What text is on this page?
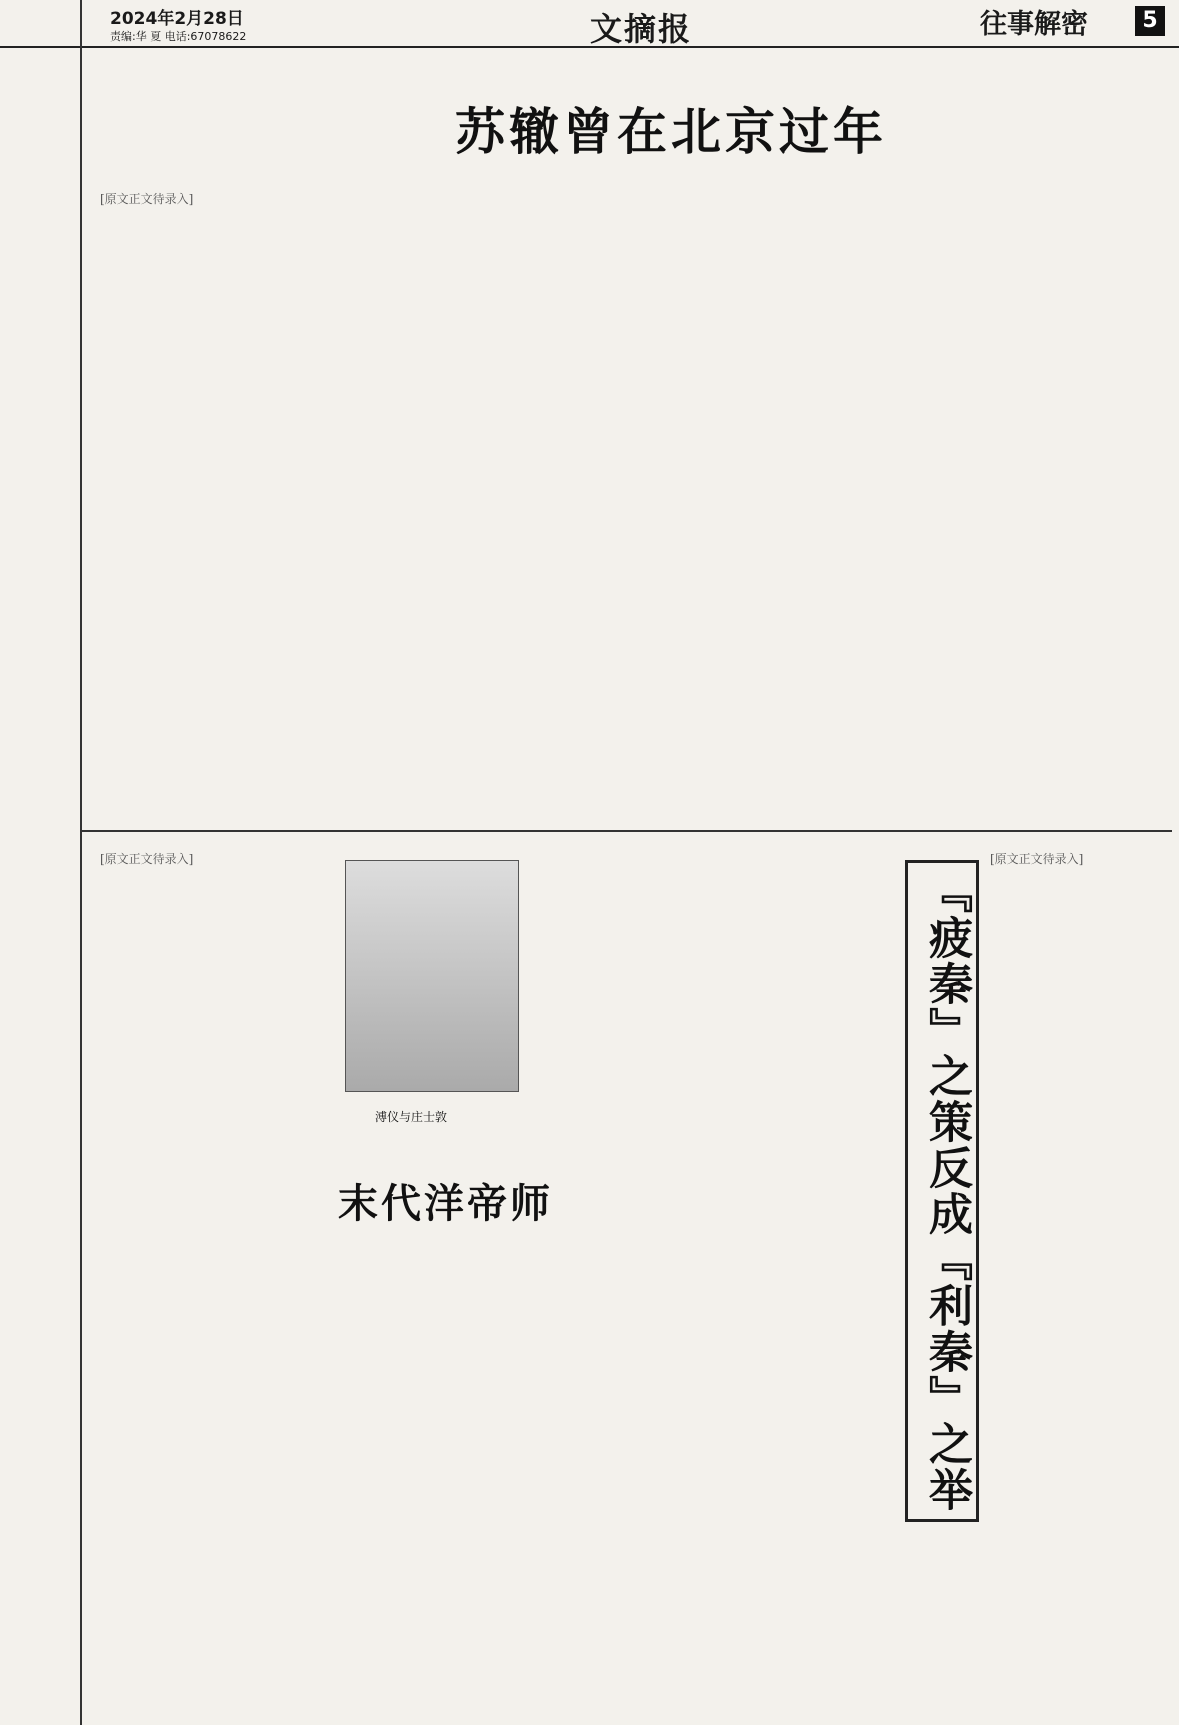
2024年2月28日
责编:华 夏 电话:67078622	文摘报	往事解密	5
苏辙曾在北京过年
[原文正文待录入]
溥仪与庄士敦
末代洋帝师
[原文正文待录入]
『疲秦』之策反成『利秦』之举
[原文正文待录入]
